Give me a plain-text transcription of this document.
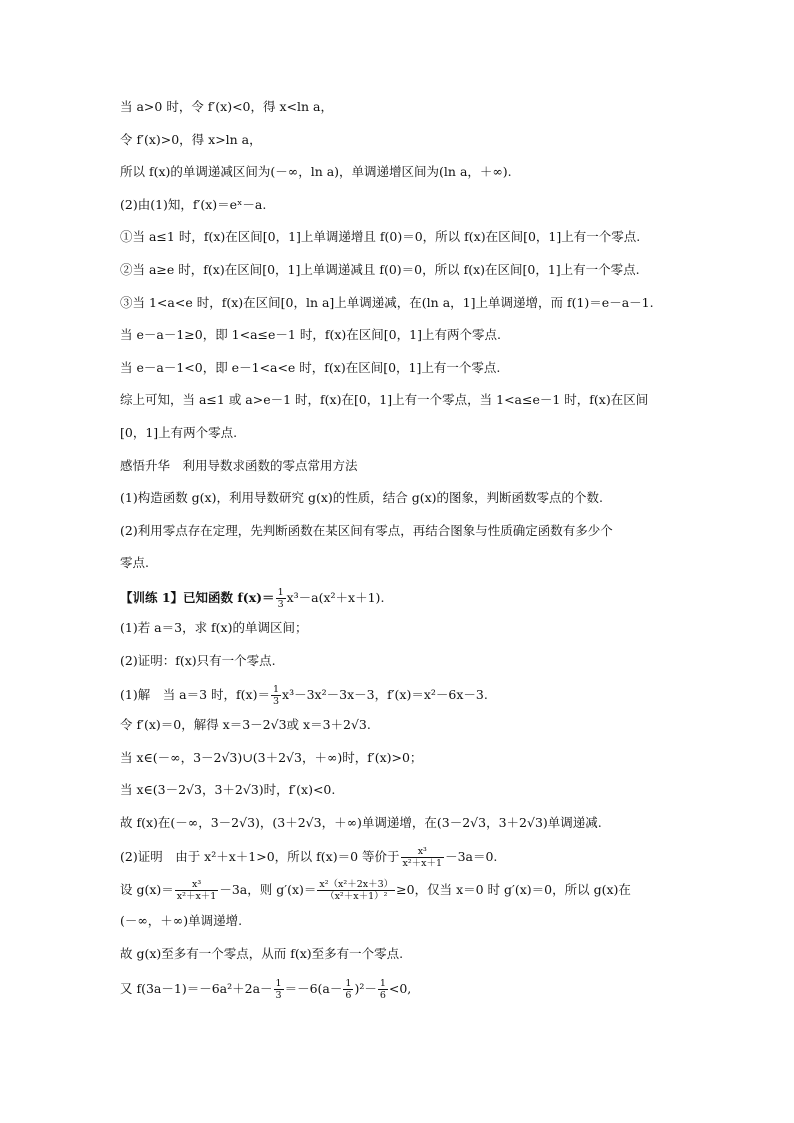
当 a>0 时，令 f′(x)<0，得 x<ln a，

令 f′(x)>0，得 x>ln a，

所以 f(x)的单调递减区间为(－∞，ln a)，单调递增区间为(ln a，＋∞).

(2)由(1)知，f′(x)＝eˣ－a.

①当 a≤1 时，f(x)在区间[0，1]上单调递增且 f(0)＝0，所以 f(x)在区间[0，1]上有一个零点.

②当 a≥e 时，f(x)在区间[0，1]上单调递减且 f(0)＝0，所以 f(x)在区间[0，1]上有一个零点.

③当 1<a<e 时，f(x)在区间[0，ln a]上单调递减，在(ln a，1]上单调递增，而 f(1)＝e－a－1.

当 e－a－1≥0，即 1<a≤e－1 时，f(x)在区间[0，1]上有两个零点.

当 e－a－1<0，即 e－1<a<e 时，f(x)在区间[0，1]上有一个零点.

综上可知，当 a≤1 或 a>e－1 时，f(x)在[0，1]上有一个零点，当 1<a≤e－1 时，f(x)在区间

[0，1]上有两个零点.

感悟升华　利用导数求函数的零点常用方法

(1)构造函数 g(x)，利用导数研究 g(x)的性质，结合 g(x)的图象，判断函数零点的个数.

(2)利用零点存在定理，先判断函数在某区间有零点，再结合图象与性质确定函数有多少个

零点.

【训练 1】已知函数 $f(x)= \frac{1}{3} x^3-a(x^2+x+1)$.

(1)若 a＝3，求 f(x)的单调区间；

(2)证明：f(x)只有一个零点.

(1)解　当 a＝3 时，$f(x)= \frac{1}{3} x^3-3x^2-3x-3$，f′(x)＝x²－6x－3.

令 f′(x)＝0，解得 x＝3－2√3或 x＝3＋2√3.

当 x∈(－∞，3－2√3)∪(3＋2√3，＋∞)时，f′(x)>0；

当 x∈(3－2√3，3＋2√3)时，f′(x)<0.

故 f(x)在(－∞，3－2√3)，(3＋2√3，＋∞)单调递增，在(3－2√3，3＋2√3)单调递减.

(2)证明　由于 x²＋x＋1>0，所以 f(x)＝0 等价于 $\frac{\text{x³}}{\text{x²＋x＋1}} -3a=0$.

设 $g(x)= \frac{\text{x³}}{\text{x²＋x＋1}} -3a$，则 $g'(x)= \frac{\text{x²（x²＋2x＋3）}}{\text{（x²＋x＋1）²}} \ge 0$，仅当 x＝0 时 g′(x)＝0，所以 g(x)在

(－∞，＋∞)单调递增.

故 g(x)至多有一个零点，从而 f(x)至多有一个零点.

又 $f(3a-1)=-6a^2+2a- \frac{1}{3} =-6(a- \frac{1}{6} )^2- \frac{1}{6} <0$,
